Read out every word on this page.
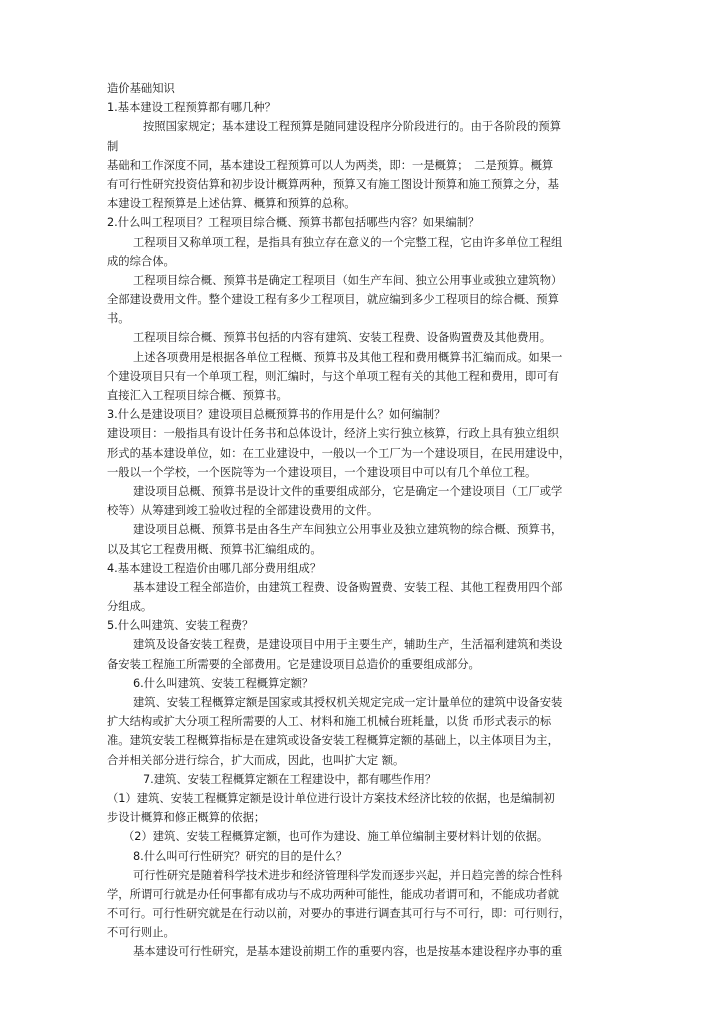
造价基础知识
1.基本建设工程预算都有哪几种？
按照国家规定；基本建设工程预算是随同建设程序分阶段进行的。由于各阶段的预算
制
基础和工作深度不同，基本建设工程预算可以人为两类，即：一是概算；　二是预算。概算
有可行性研究投资估算和初步设计概算两种，预算又有施工图设计预算和施工预算之分，基
本建设工程预算是上述估算、概算和预算的总称。
2.什么叫工程项目？工程项目综合概、预算书都包括哪些内容？如果编制？
工程项目又称单项工程，是指具有独立存在意义的一个完整工程，它由许多单位工程组
成的综合体。
工程项目综合概、预算书是确定工程项目（如生产车间、独立公用事业或独立建筑物）
全部建设费用文件。整个建设工程有多少工程项目，就应编到多少工程项目的综合概、预算
书。
工程项目综合概、预算书包括的内容有建筑、安装工程费、设备购置费及其他费用。
上述各项费用是根据各单位工程概、预算书及其他工程和费用概算书汇编而成。如果一
个建设项目只有一个单项工程，则汇编时，与这个单项工程有关的其他工程和费用，即可有
直接汇入工程项目综合概、预算书。
3.什么是建设项目？建设项目总概预算书的作用是什么？如何编制？
建设项目：一般指具有设计任务书和总体设计，经济上实行独立核算，行政上具有独立组织
形式的基本建设单位，如：在工业建设中，一般以一个工厂为一个建设项目，在民用建设中，
一般以一个学校，一个医院等为一个建设项目，一个建设项目中可以有几个单位工程。
建设项目总概、预算书是设计文件的重要组成部分，它是确定一个建设项目（工厂或学
校等）从筹建到竣工验收过程的全部建设费用的文件。
建设项目总概、预算书是由各生产车间独立公用事业及独立建筑物的综合概、预算书，
以及其它工程费用概、预算书汇编组成的。
4.基本建设工程造价由哪几部分费用组成？
基本建设工程全部造价，由建筑工程费、设备购置费、安装工程、其他工程费用四个部
分组成。
5.什么叫建筑、安装工程费？
建筑及设备安装工程费，是建设项目中用于主要生产，辅助生产，生活福利建筑和类设
备安装工程施工所需要的全部费用。它是建设项目总造价的重要组成部分。
6.什么叫建筑、安装工程概算定额？
建筑、安装工程概算定额是国家或其授权机关规定完成一定计量单位的建筑中设备安装
扩大结构或扩大分项工程所需要的人工、材料和施工机械台班耗量，以货 币形式表示的标
准。建筑安装工程概算指标是在建筑或设备安装工程概算定额的基础上，以主体项目为主，
合并相关部分进行综合，扩大而成，因此，也叫扩大定 额。
7.建筑、安装工程概算定额在工程建设中，都有哪些作用？
（1）建筑、安装工程概算定额是设计单位进行设计方案技术经济比较的依据，也是编制初
步设计概算和修正概算的依据；
（2）建筑、安装工程概算定额，也可作为建设、施工单位编制主要材料计划的依据。
8.什么叫可行性研究？研究的目的是什么？
可行性研究是随着科学技术进步和经济管理科学发而逐步兴起，并日趋完善的综合性科
学，所谓可行就是办任何事都有成功与不成功两种可能性，能成功者谓可和，不能成功者就
不可行。可行性研究就是在行动以前，对要办的事进行调查其可行与不可行，即：可行则行，
不可行则止。
基本建设可行性研究，是基本建设前期工作的重要内容，也是按基本建设程序办事的重
